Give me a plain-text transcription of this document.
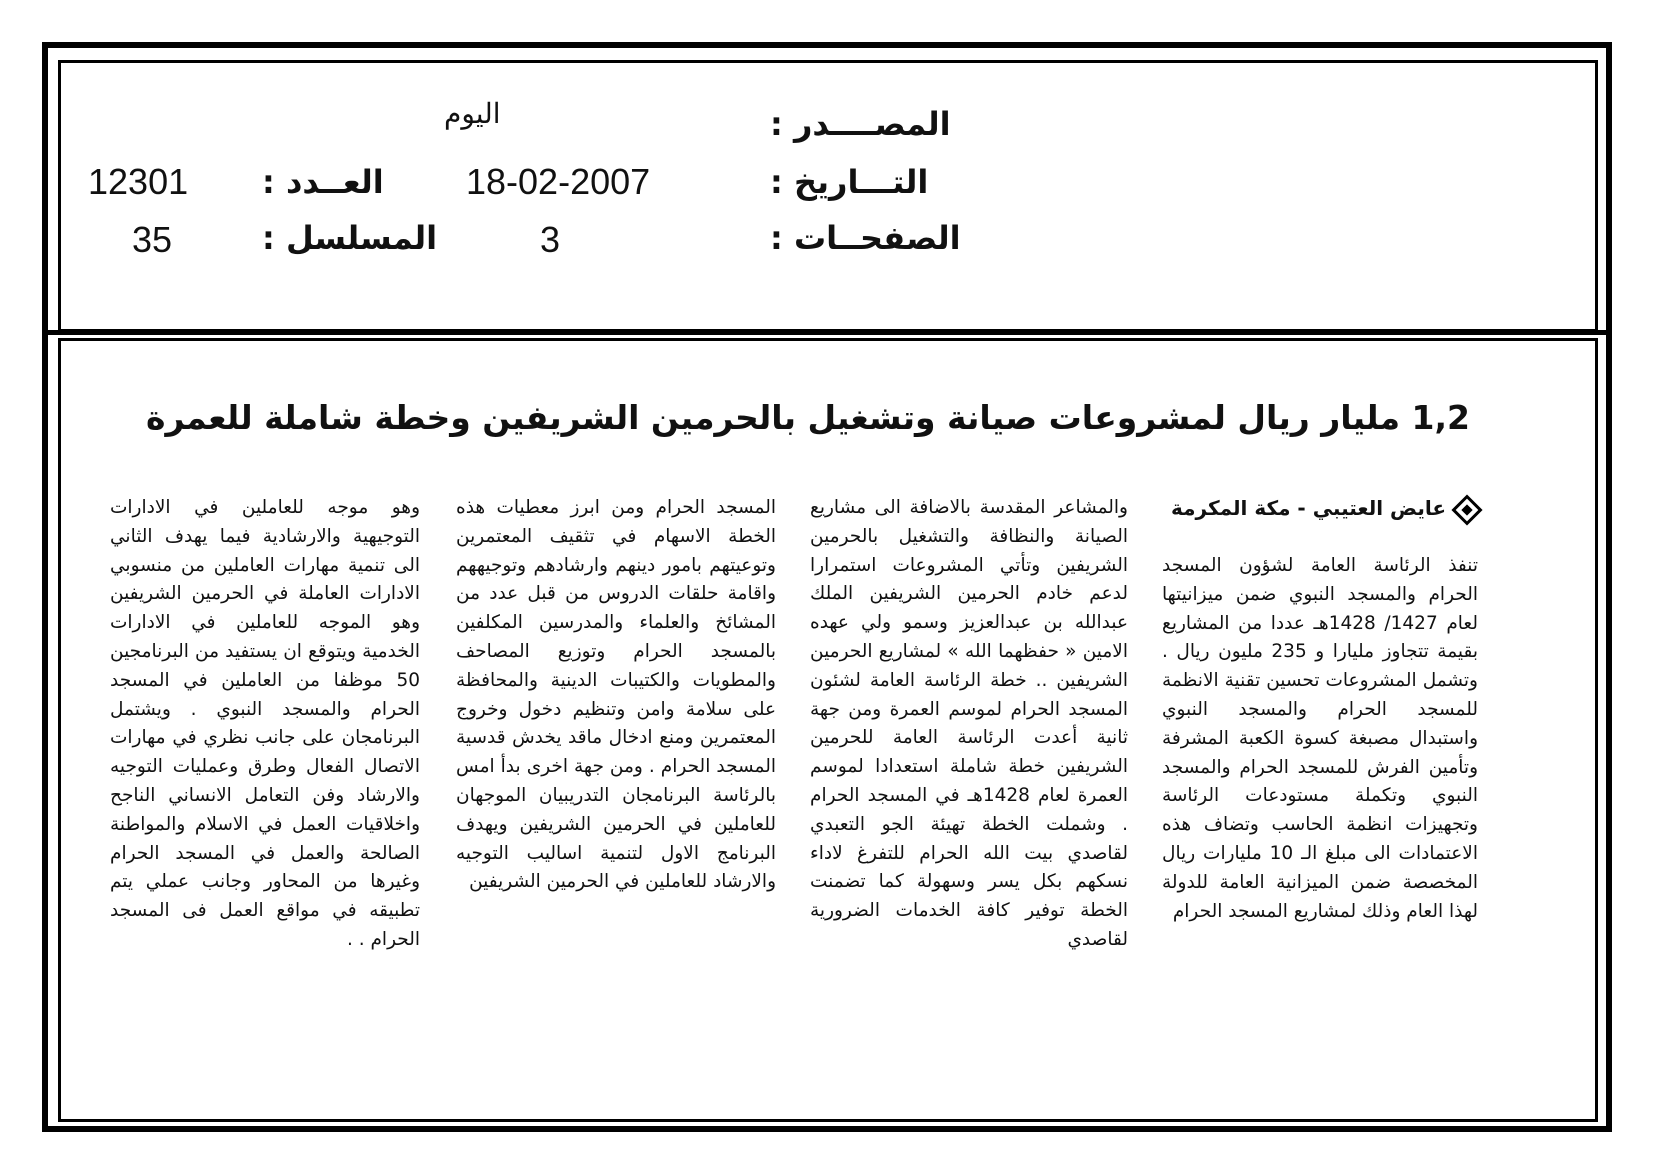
المصــــدر :
اليوم
التـــاريخ :
18-02-2007
العــدد :
12301
الصفحــات :
3
المسلسل :
35
1,2 مليار ريال لمشروعات صيانة وتشغيل بالحرمين الشريفين وخطة شاملة للعمرة
عايض العتيبي - مكة المكرمة
تنفذ الرئاسة العامة لشؤون المسجد الحرام والمسجد النبوي ضمن ميزانيتها لعام 1427/ 1428هـ عددا من المشاريع بقيمة تتجاوز مليارا و 235 مليون ريال . وتشمل المشروعات تحسين تقنية الانظمة للمسجد الحرام والمسجد النبوي واستبدال مصبغة كسوة الكعبة المشرفة وتأمين الفرش للمسجد الحرام والمسجد النبوي وتكملة مستودعات الرئاسة وتجهيزات انظمة الحاسب وتضاف هذه الاعتمادات الى مبلغ الـ 10 مليارات ريال المخصصة ضمن الميزانية العامة للدولة لهذا العام وذلك لمشاريع المسجد الحرام
والمشاعر المقدسة بالاضافة الى مشاريع الصيانة والنظافة والتشغيل بالحرمين الشريفين وتأتي المشروعات استمرارا لدعم خادم الحرمين الشريفين الملك عبدالله بن عبدالعزيز وسمو ولي عهده الامين « حفظهما الله » لمشاريع الحرمين الشريفين .. خطة الرئاسة العامة لشئون المسجد الحرام لموسم العمرة ومن جهة ثانية أعدت الرئاسة العامة للحرمين الشريفين خطة شاملة استعدادا لموسم العمرة لعام 1428هـ في المسجد الحرام . وشملت الخطة تهيئة الجو التعبدي لقاصدي بيت الله الحرام للتفرغ لاداء نسكهم بكل يسر وسهولة كما تضمنت الخطة توفير كافة الخدمات الضرورية لقاصدي
المسجد الحرام ومن ابرز معطيات هذه الخطة الاسهام في تثقيف المعتمرين وتوعيتهم بامور دينهم وارشادهم وتوجيههم واقامة حلقات الدروس من قبل عدد من المشائخ والعلماء والمدرسين المكلفين بالمسجد الحرام وتوزيع المصاحف والمطويات والكتيبات الدينية والمحافظة على سلامة وامن وتنظيم دخول وخروج المعتمرين ومنع ادخال ماقد يخدش قدسية المسجد الحرام . ومن جهة اخرى بدأ امس بالرئاسة البرنامجان التدريبيان الموجهان للعاملين في الحرمين الشريفين ويهدف البرنامج الاول لتنمية اساليب التوجيه والارشاد للعاملين في الحرمين الشريفين
وهو موجه للعاملين في الادارات التوجيهية والارشادية فيما يهدف الثاني الى تنمية مهارات العاملين من منسوبي الادارات العاملة في الحرمين الشريفين وهو الموجه للعاملين في الادارات الخدمية ويتوقع ان يستفيد من البرنامجين 50 موظفا من العاملين في المسجد الحرام والمسجد النبوي . ويشتمل البرنامجان على جانب نظري في مهارات الاتصال الفعال وطرق وعمليات التوجيه والارشاد وفن التعامل الانساني الناجح واخلاقيات العمل في الاسلام والمواطنة الصالحة والعمل في المسجد الحرام وغيرها من المحاور وجانب عملي يتم تطبيقه في مواقع العمل فى المسجد الحرام . .
